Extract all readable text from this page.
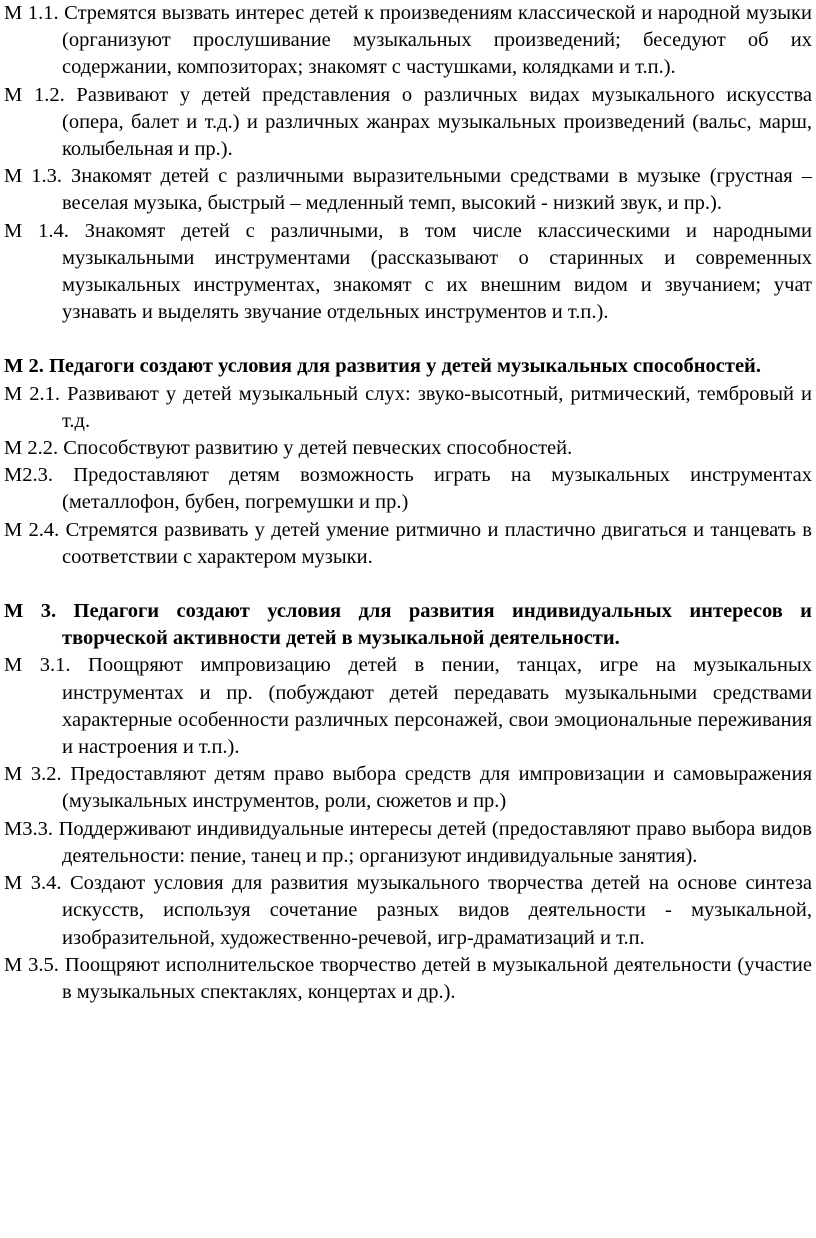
М 1.1. Стремятся вызвать интерес детей к произведениям классической и народной музыки (организуют прослушивание музыкальных произведений; беседуют об их содержании, композиторах; знакомят с частушками, колядками и т.п.).

М 1.2. Развивают у детей представления о различных видах музыкального искусства (опера, балет и т.д.) и различных жанрах музыкальных произведений (вальс, марш, колыбельная и пр.).

М 1.3. Знакомят детей с различными выразительными средствами в музыке (грустная – веселая музыка, быстрый – медленный темп, высокий - низкий звук, и пр.).

М 1.4. Знакомят детей с различными, в том числе классическими и народными музыкальными инструментами (рассказывают о старинных и современных музыкальных инструментах, знакомят с их внешним видом и звучанием; учат узнавать и выделять звучание отдельных инструментов и т.п.).

М 2. Педагоги создают условия для развития у детей музыкальных способностей.

М 2.1. Развивают у детей музыкальный слух: звуко-высотный, ритмический, тембровый и т.д.

М 2.2. Способствуют развитию у детей певческих способностей.

М2.3. Предоставляют детям возможность играть на музыкальных инструментах (металлофон, бубен, погремушки и пр.)

М 2.4. Стремятся развивать у детей умение ритмично и пластично двигаться и танцевать в соответствии с характером музыки.

М 3. Педагоги создают условия для развития индивидуальных интересов и творческой активности детей в музыкальной деятельности.

М 3.1. Поощряют импровизацию детей в пении, танцах, игре на музыкальных инструментах и пр. (побуждают детей передавать музыкальными средствами характерные особенности различных персонажей, свои эмоциональные переживания и настроения и т.п.).

М 3.2. Предоставляют детям право выбора средств для импровизации и самовыражения (музыкальных инструментов, роли, сюжетов и пр.)

М3.3. Поддерживают индивидуальные интересы детей (предоставляют право выбора видов деятельности: пение, танец и пр.; организуют индивидуальные занятия).

М 3.4. Создают условия для развития музыкального творчества детей на основе синтеза искусств, используя сочетание разных видов деятельности - музыкальной, изобразительной, художественно-речевой, игр-драматизаций и т.п.

М 3.5. Поощряют исполнительское творчество детей в музыкальной деятельности (участие в музыкальных спектаклях, концертах и др.).
